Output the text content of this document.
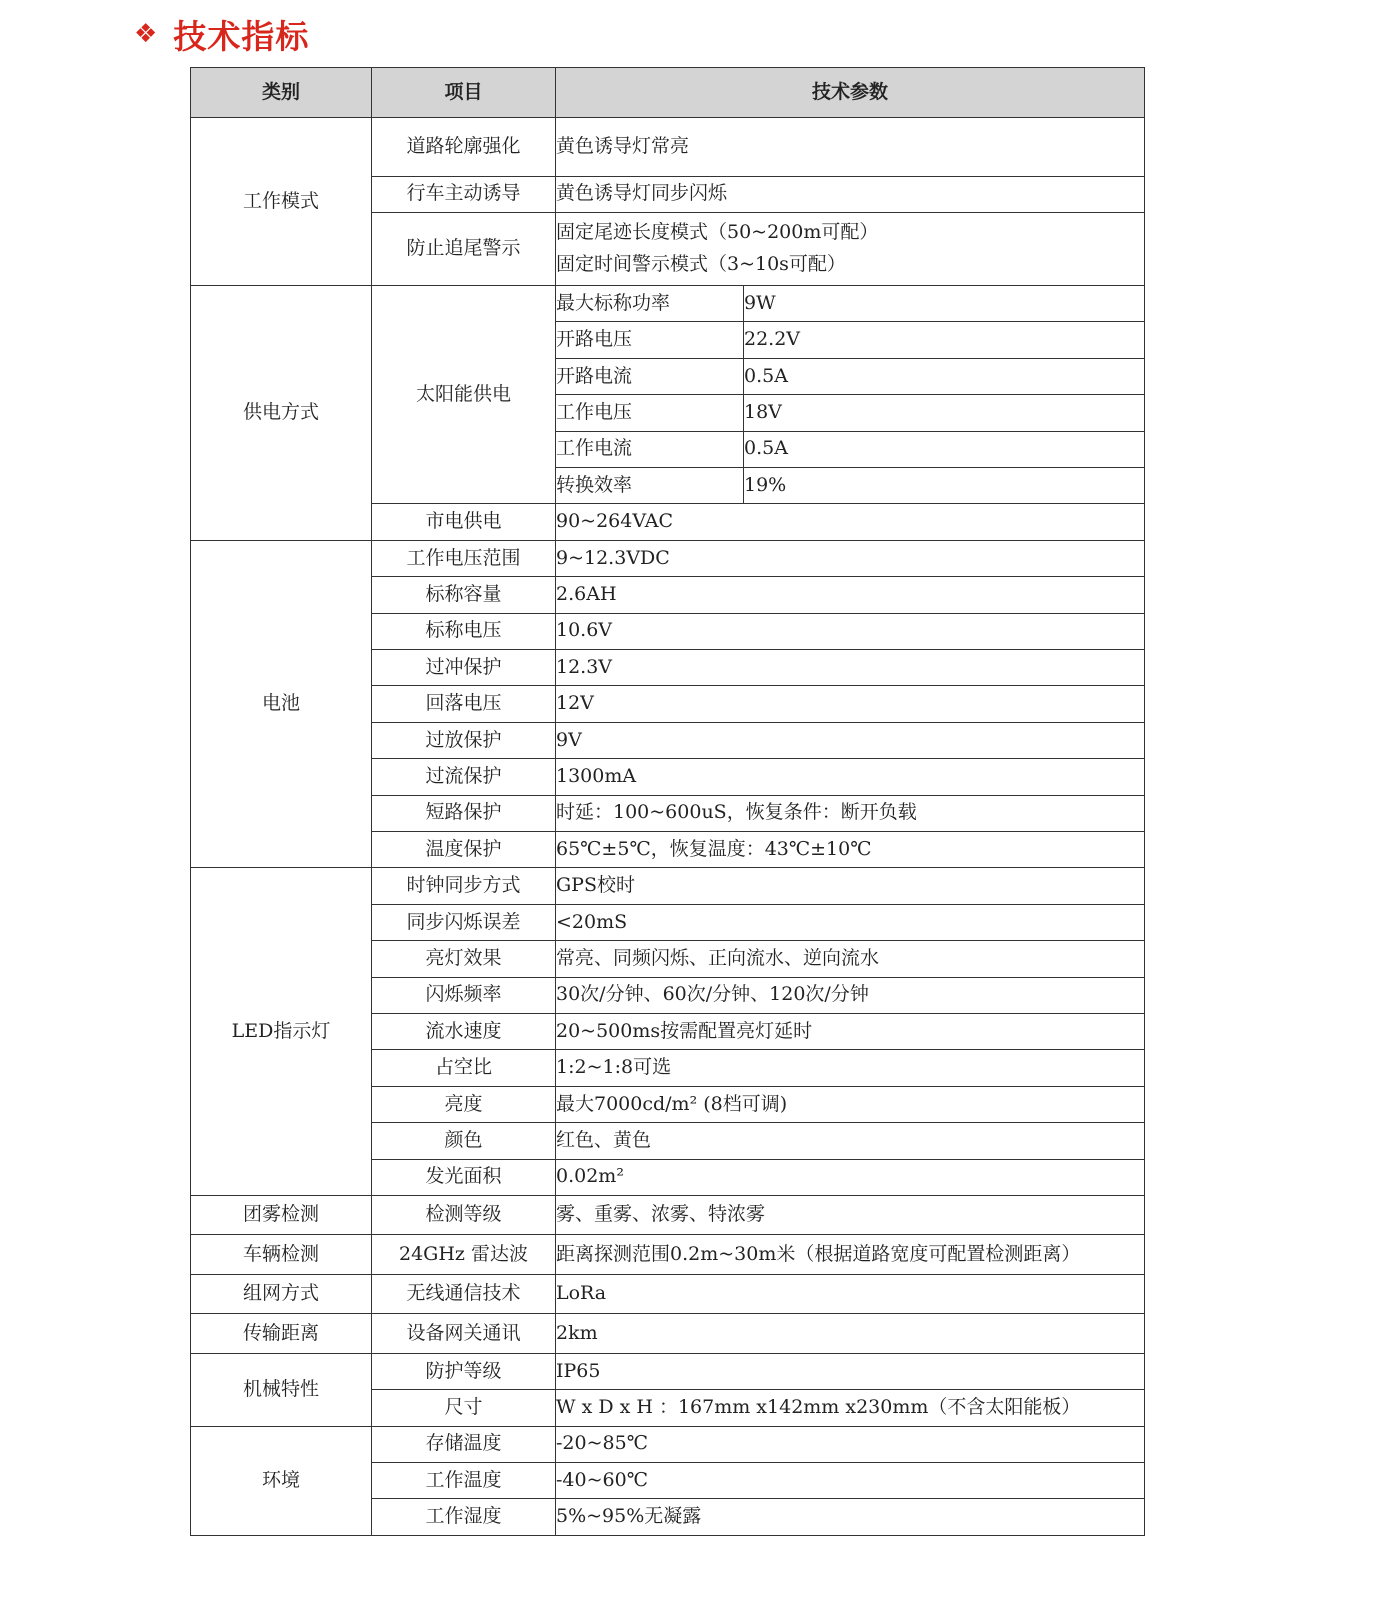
❖ 技术指标
类别	项目	技术参数	
工作模式	道路轮廓强化	黄色诱导灯常亮	
	行车主动诱导	黄色诱导灯同步闪烁	
	防止追尾警示	固定尾迹长度模式（50~200m可配）
固定时间警示模式（3~10s可配）	

供电方式	太阳能供电	最大标称功率	9W
		开路电压	22.2V
		开路电流	0.5A
		工作电压	18V
		工作电流	0.5A
		转换效率	19%
	市电供电	90~264VAC	
电池	工作电压范围	9~12.3VDC	
	标称容量	2.6AH	
	标称电压	10.6V	
	过冲保护	12.3V	
	回落电压	12V	
	过放保护	9V	
	过流保护	1300mA	
	短路保护	时延：100~600uS，恢复条件：断开负载	
	温度保护	65℃±5℃，恢复温度：43℃±10℃	
LED指示灯	时钟同步方式	GPS校时	
	同步闪烁误差	<20mS	
	亮灯效果	常亮、同频闪烁、正向流水、逆向流水	
	闪烁频率	30次/分钟、60次/分钟、120次/分钟	
	流水速度	20~500ms按需配置亮灯延时	
	占空比	1:2~1:8可选	
	亮度	最大7000cd/m² (8档可调)	
	颜色	红色、黄色	
	发光面积	0.02m²	
团雾检测	检测等级	雾、重雾、浓雾、特浓雾	
车辆检测	24GHz 雷达波	距离探测范围0.2m~30m米（根据道路宽度可配置检测距离）	
组网方式	无线通信技术	LoRa	
传输距离	设备网关通讯	2km	
机械特性	防护等级	IP65	
	尺寸	W x D x H ：167mm x142mm x230mm（不含太阳能板）	
环境	存储温度	-20~85℃	
	工作温度	-40~60℃	
	工作湿度	5%~95%无凝露	
